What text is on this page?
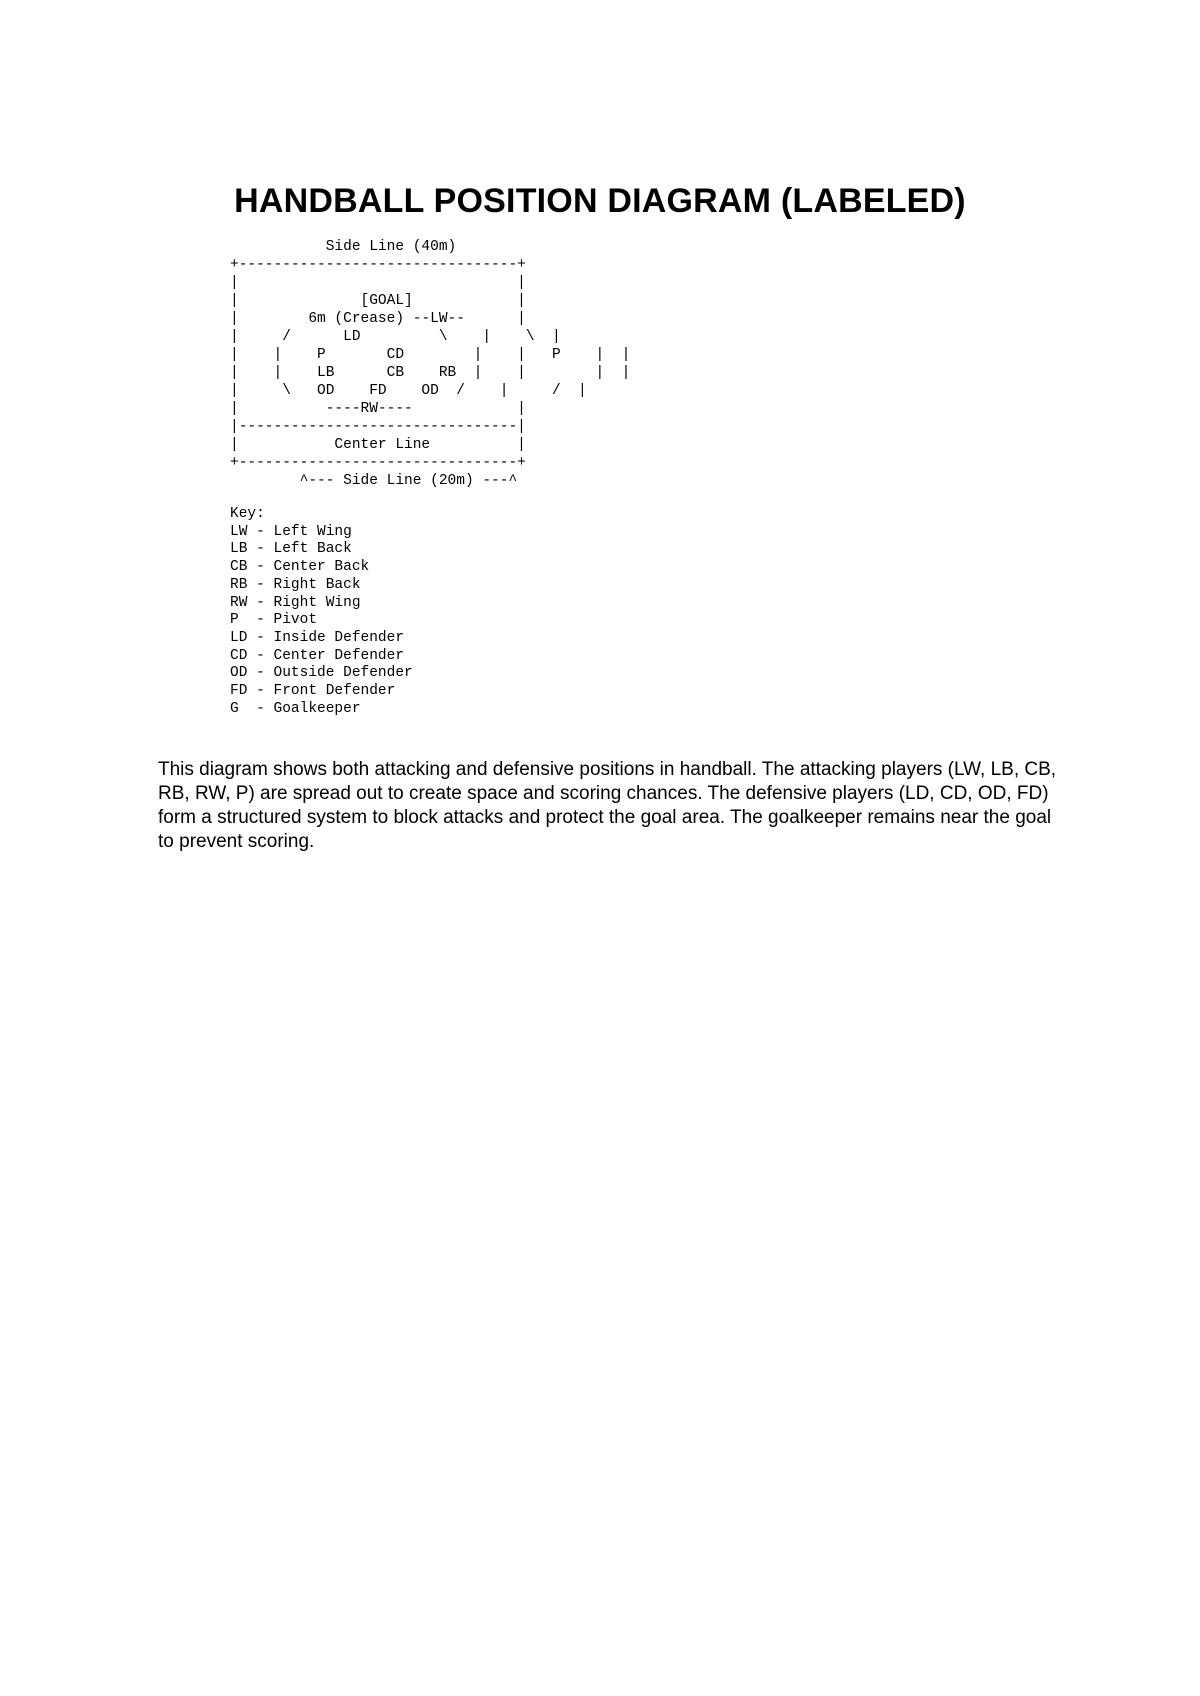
HANDBALL POSITION DIAGRAM (LABELED)
Side Line (40m)
+--------------------------------+
|                                |
|              [GOAL]            |
|        6m (Crease) --LW--      |
|     /      LD         \    |    \  |
|    |    P       CD        |    |   P    |  |
|    |    LB      CB    RB  |    |        |  |
|     \   OD    FD    OD  /    |     /  |
|          ----RW----            |
|--------------------------------|
|           Center Line          |
+--------------------------------+
^--- Side Line (20m) ---^
Key:
LW - Left Wing
LB - Left Back
CB - Center Back
RB - Right Back
RW - Right Wing
P  - Pivot
LD - Inside Defender
CD - Center Defender
OD - Outside Defender
FD - Front Defender
G  - Goalkeeper

This diagram shows both attacking and defensive positions in handball. The attacking players (LW, LB, CB, RB, RW, P) are spread out to create space and scoring chances. The defensive players (LD, CD, OD, FD) form a structured system to block attacks and protect the goal area. The goalkeeper remains near the goal to prevent scoring.
